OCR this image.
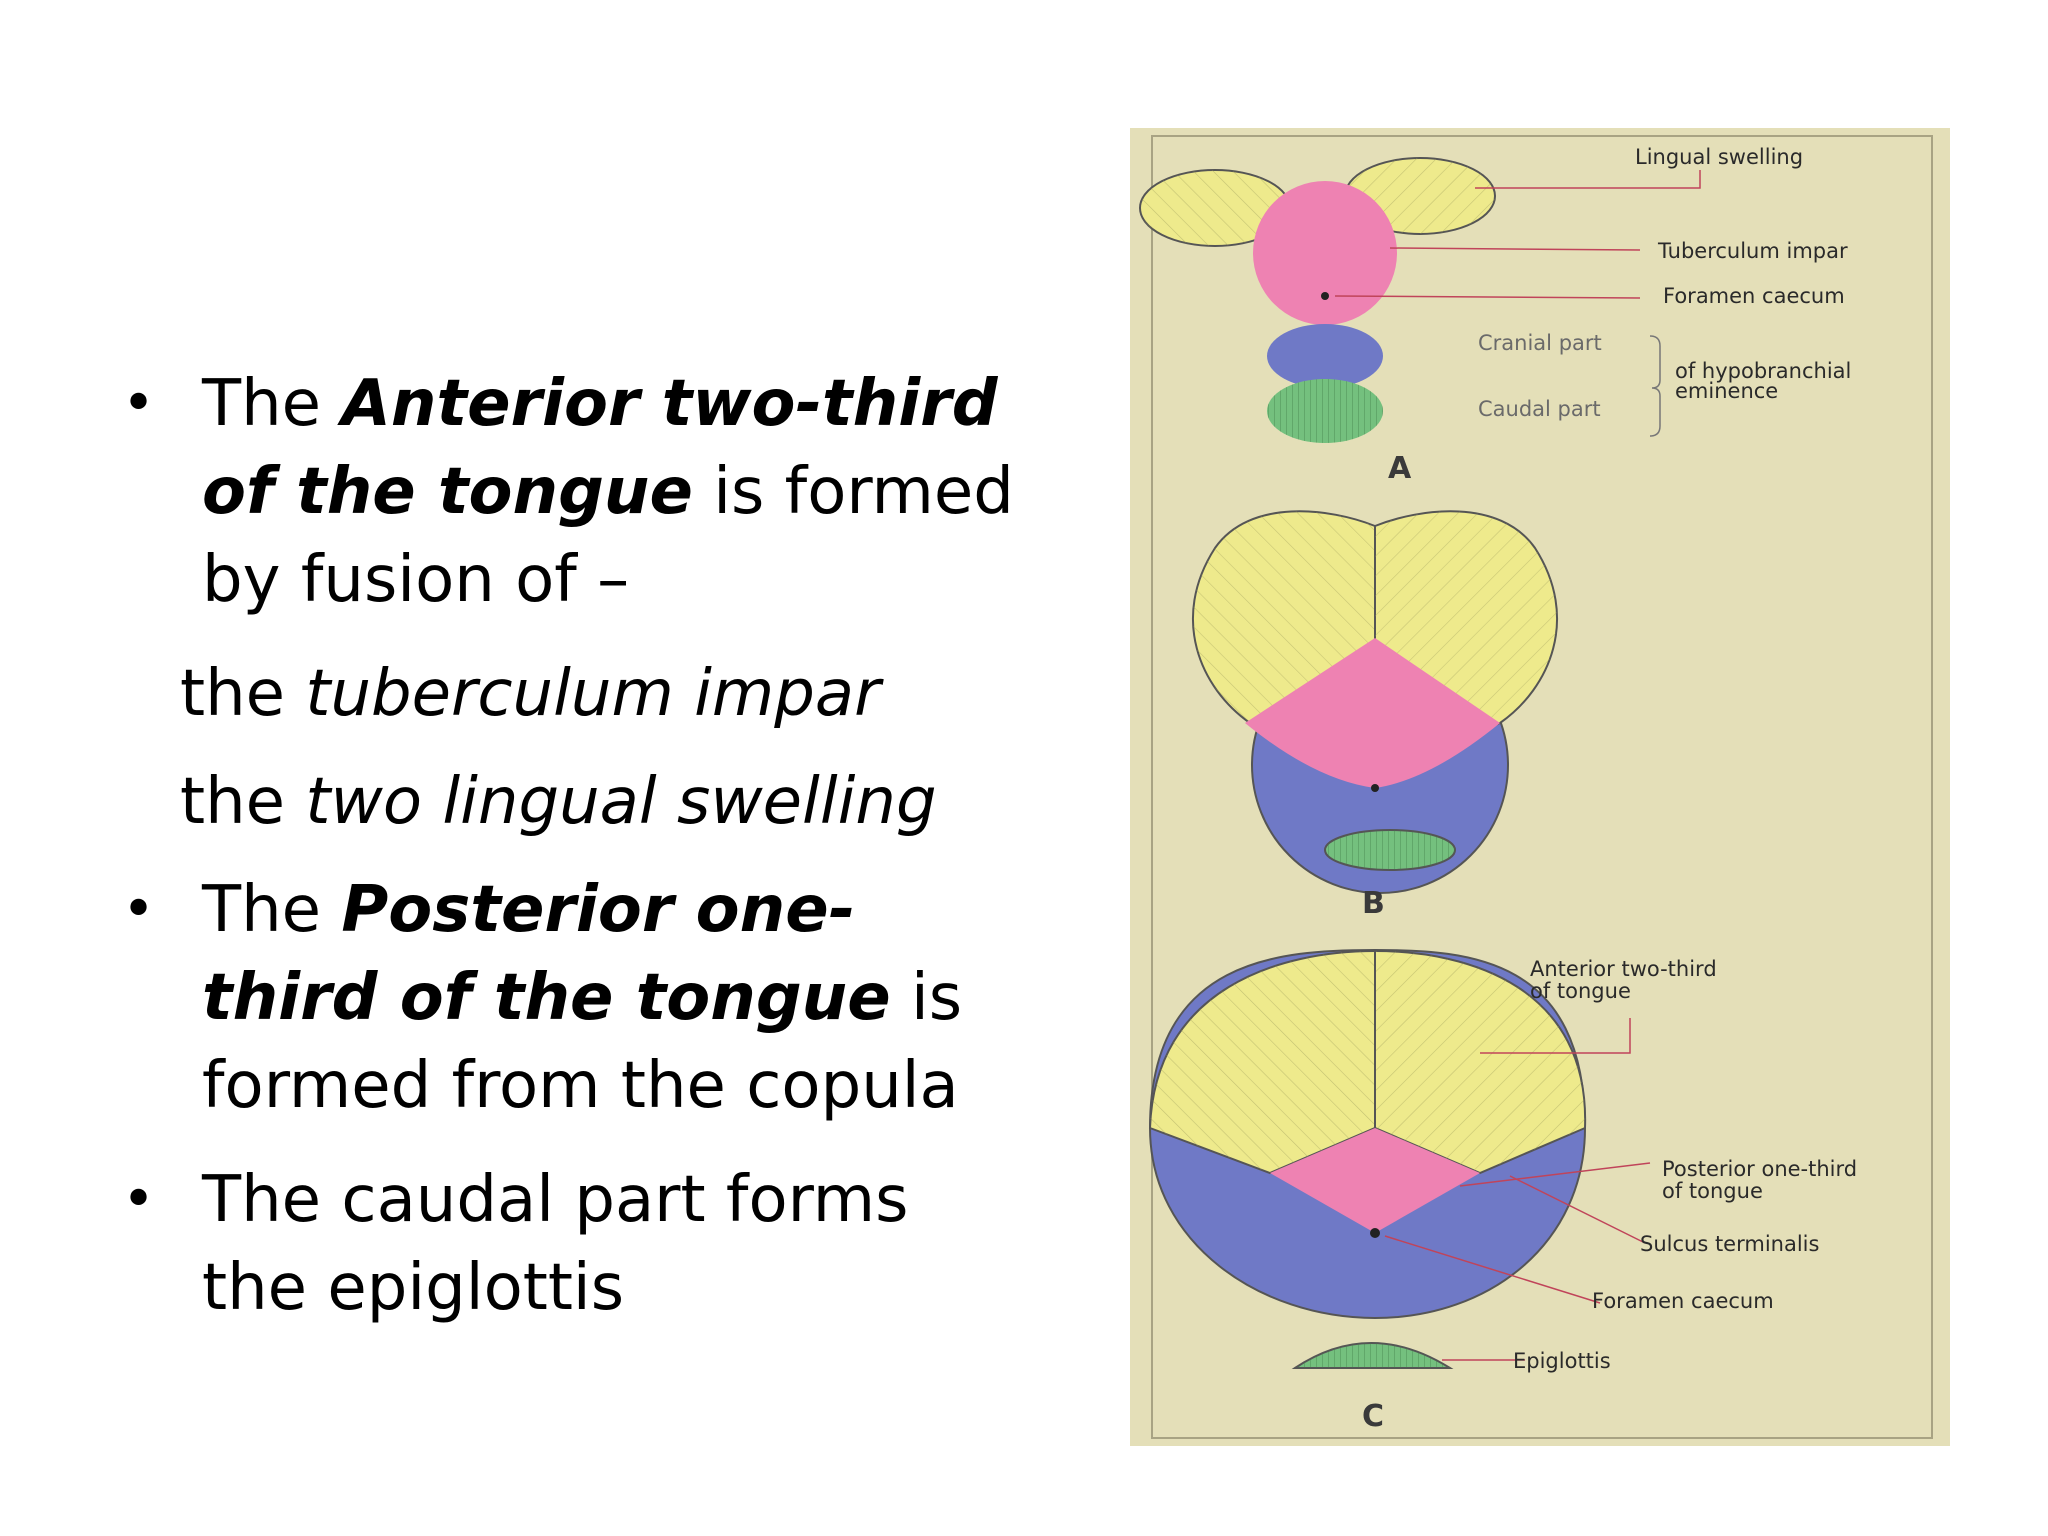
• The Anterior two-third of the tongue is formed by fusion of –
the tuberculum impar
the two lingual swelling
• The Posterior one-third of the tongue is formed from the copula
• The caudal part forms the epiglottis
Lingual swelling
Tuberculum impar
Foramen caecum
Cranial part
Caudal part
of hypobranchial
eminence
A
B
Anterior two-third
of tongue
Posterior one-third
of tongue
Sulcus terminalis
Foramen caecum
Epiglottis
C
